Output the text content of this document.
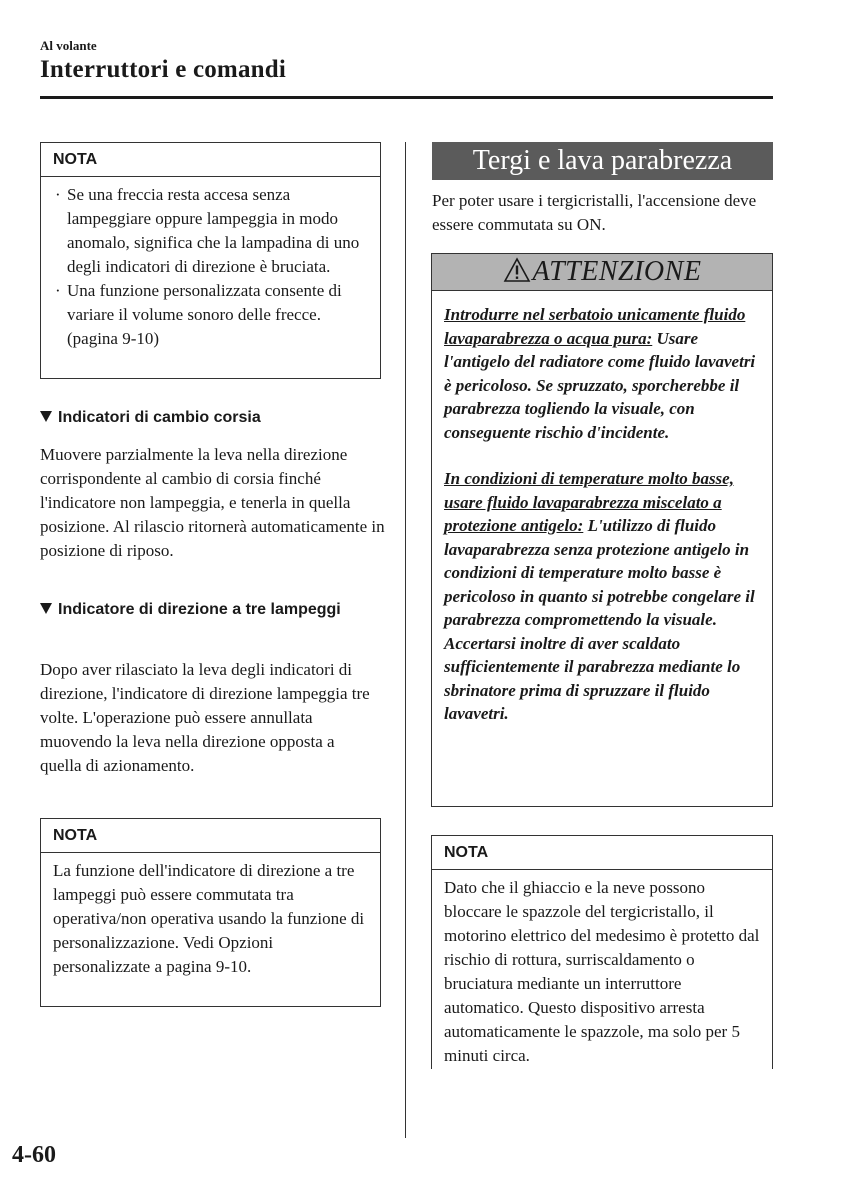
Al volante
Interruttori e comandi
NOTA
· Se una freccia resta accesa senza lampeggiare oppure lampeggia in modo anomalo, significa che la lampadina di uno degli indicatori di direzione è bruciata.
· Una funzione personalizzata consente di variare il volume sonoro delle frecce. (pagina 9-10)
Indicatori di cambio corsia
Muovere parzialmente la leva nella direzione corrispondente al cambio di corsia finché l'indicatore non lampeggia, e tenerla in quella posizione. Al rilascio ritornerà automaticamente in posizione di riposo.
Indicatore di direzione a tre lampeggi
Dopo aver rilasciato la leva degli indicatori di direzione, l'indicatore di direzione lampeggia tre volte. L'operazione può essere annullata muovendo la leva nella direzione opposta a quella di azionamento.
NOTA
La funzione dell'indicatore di direzione a tre lampeggi può essere commutata tra operativa/non operativa usando la funzione di personalizzazione. Vedi Opzioni personalizzate a pagina 9-10.
Tergi e lava parabrezza
Per poter usare i tergicristalli, l'accensione deve essere commutata su ON.
ATTENZIONE

Introdurre nel serbatoio unicamente fluido lavaparabrezza o acqua pura: Usare l'antigelo del radiatore come fluido lavavetri è pericoloso. Se spruzzato, sporcherebbe il parabrezza togliendo la visuale, con conseguente rischio d'incidente.

In condizioni di temperature molto basse, usare fluido lavaparabrezza miscelato a protezione antigelo: L'utilizzo di fluido lavaparabrezza senza protezione antigelo in condizioni di temperature molto basse è pericoloso in quanto si potrebbe congelare il parabrezza compromettendo la visuale. Accertarsi inoltre di aver scaldato sufficientemente il parabrezza mediante lo sbrinatore prima di spruzzare il fluido lavavetri.

NOTA
Dato che il ghiaccio e la neve possono bloccare le spazzole del tergicristallo, il motorino elettrico del medesimo è protetto dal rischio di rottura, surriscaldamento o bruciatura mediante un interruttore automatico. Questo dispositivo arresta automaticamente le spazzole, ma solo per 5 minuti circa.
4-60
